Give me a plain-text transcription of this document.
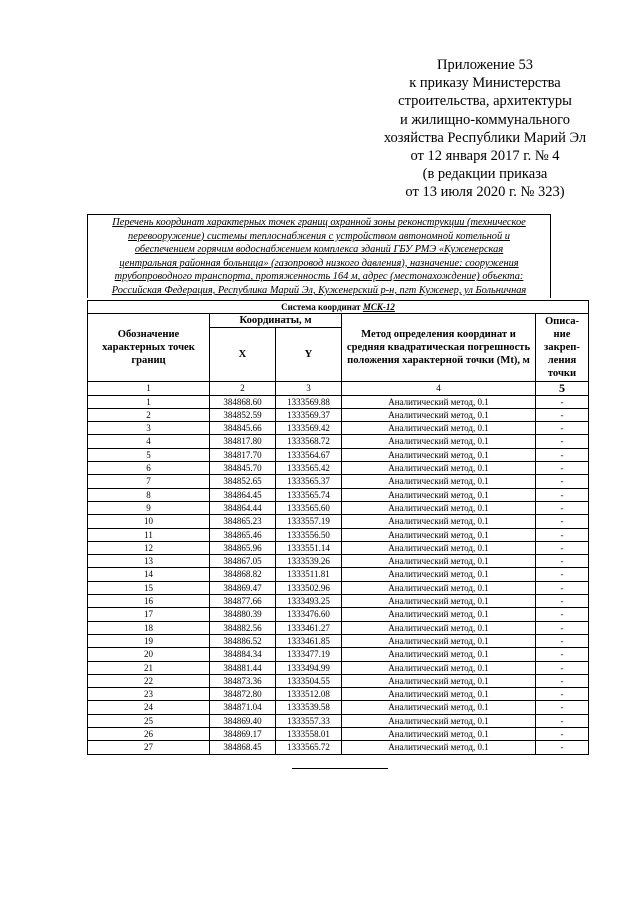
Приложение 53
к приказу Министерства
строительства, архитектуры
и жилищно-коммунального
хозяйства Республики Марий Эл
от 12 января 2017 г. № 4
(в редакции приказа
от 13 июля 2020 г. № 323)
Перечень координат характерных точек границ охранной зоны реконструкции (техническое
перевооружение) системы теплоснабжения с устройством автономной котельной и
обеспечением горячим водоснабжением комплекса зданий ГБУ РМЭ «Куженерская
центральная районная больница» (газопровод низкого давления), назначение: сооружения
трубопроводного транспорта, протяженность 164 м, адрес (местонахождение) объекта:
Российская Федерация, Республика Марий Эл, Куженерский р-н, пгт Куженер, ул Больничная
Система координат МСК-12				
Обозначение характерных точек границ	Координаты, м		Метод определения координат и средняя квадратическая погрешность положения характерной точки (Mt), м	Описа-
ние
закреп-
ления
точки

	X	Y		
1	2	3	4	5
1	384868.60	1333569.88	Аналитический метод, 0.1	-
2	384852.59	1333569.37	Аналитический метод, 0.1	-
3	384845.66	1333569.42	Аналитический метод, 0.1	-
4	384817.80	1333568.72	Аналитический метод, 0.1	-
5	384817.70	1333564.67	Аналитический метод, 0.1	-
6	384845.70	1333565.42	Аналитический метод, 0.1	-
7	384852.65	1333565.37	Аналитический метод, 0.1	-
8	384864.45	1333565.74	Аналитический метод, 0.1	-
9	384864.44	1333565.60	Аналитический метод, 0.1	-
10	384865.23	1333557.19	Аналитический метод, 0.1	-
11	384865.46	1333556.50	Аналитический метод, 0.1	-
12	384865.96	1333551.14	Аналитический метод, 0.1	-
13	384867.05	1333539.26	Аналитический метод, 0.1	-
14	384868.82	1333511.81	Аналитический метод, 0.1	-
15	384869.47	1333502.96	Аналитический метод, 0.1	-
16	384877.66	1333493.25	Аналитический метод, 0.1	-
17	384880.39	1333476.60	Аналитический метод, 0.1	-
18	384882.56	1333461.27	Аналитический метод, 0.1	-
19	384886.52	1333461.85	Аналитический метод, 0.1	-
20	384884.34	1333477.19	Аналитический метод, 0.1	-
21	384881.44	1333494.99	Аналитический метод, 0.1	-
22	384873.36	1333504.55	Аналитический метод, 0.1	-
23	384872.80	1333512.08	Аналитический метод, 0.1	-
24	384871.04	1333539.58	Аналитический метод, 0.1	-
25	384869.40	1333557.33	Аналитический метод, 0.1	-
26	384869.17	1333558.01	Аналитический метод, 0.1	-
27	384868.45	1333565.72	Аналитический метод, 0.1	-
